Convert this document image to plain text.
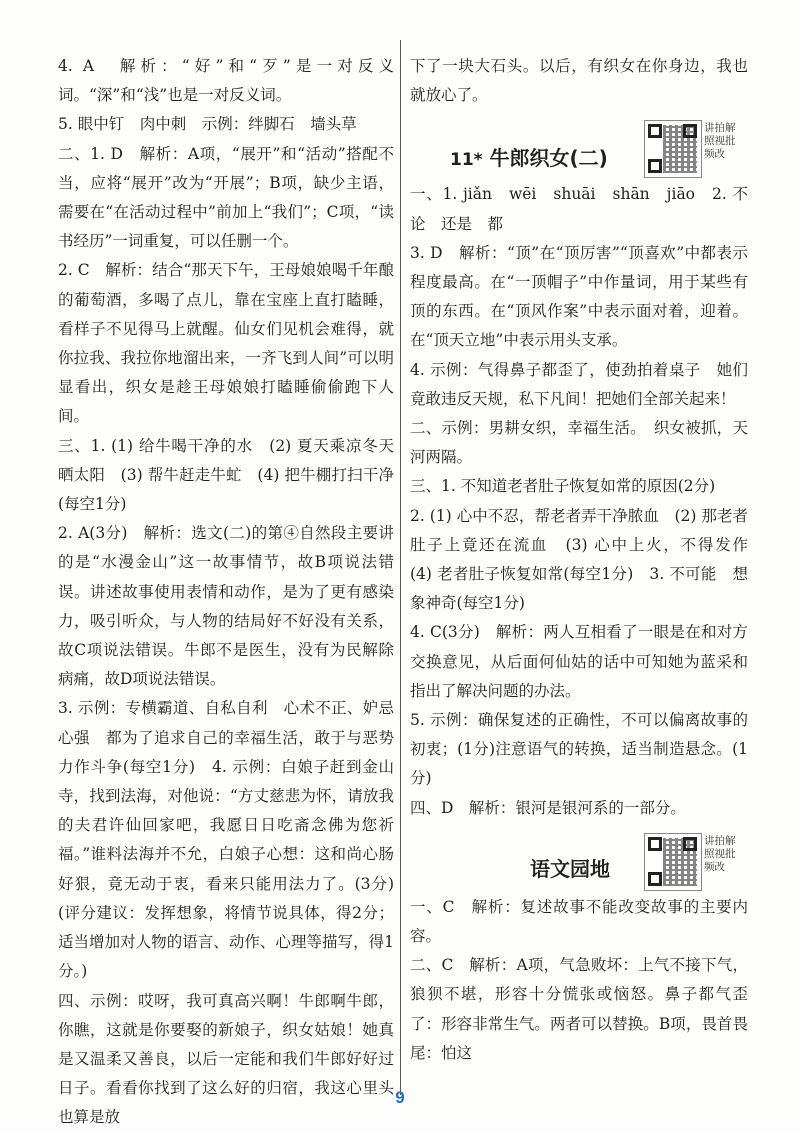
4. A　解析：“好”和“歹”是一对反义词。“深”和“浅”也是一对反义词。

5. 眼中钉　肉中刺　示例：绊脚石　墙头草

二、1. D　解析：A项，“展开”和“活动”搭配不当，应将“展开”改为“开展”；B项，缺少主语，需要在“在活动过程中”前加上“我们”；C项，“读书经历”一词重复，可以任删一个。

2. C　解析：结合“那天下午，王母娘娘喝千年酿的葡萄酒，多喝了点儿，靠在宝座上直打瞌睡，看样子不见得马上就醒。仙女们见机会难得，就你拉我、我拉你地溜出来，一齐飞到人间”可以明显看出，织女是趁王母娘娘打瞌睡偷偷跑下人间。

三、1. (1) 给牛喝干净的水　(2) 夏天乘凉冬天晒太阳　(3) 帮牛赶走牛虻　(4) 把牛棚打扫干净(每空1分)

2. A(3分)　解析：选文(二)的第④自然段主要讲的是“水漫金山”这一故事情节，故B项说法错误。讲述故事使用表情和动作，是为了更有感染力，吸引听众，与人物的结局好不好没有关系，故C项说法错误。牛郎不是医生，没有为民解除病痛，故D项说法错误。

3. 示例：专横霸道、自私自利　心术不正、妒忌心强　都为了追求自己的幸福生活，敢于与恶势力作斗争(每空1分)　4. 示例：白娘子赶到金山寺，找到法海，对他说：“方丈慈悲为怀，请放我的夫君许仙回家吧，我愿日日吃斋念佛为您祈福。”谁料法海并不允，白娘子心想：这和尚心肠好狠，竟无动于衷，看来只能用法力了。(3分)(评分建议：发挥想象，将情节说具体，得2分；适当增加对人物的语言、动作、心理等描写，得1分。)

四、示例：哎呀，我可真高兴啊！牛郎啊牛郎，你瞧，这就是你要娶的新娘子，织女姑娘！她真是又温柔又善良，以后一定能和我们牛郎好好过日子。看看你找到了这么好的归宿，我这心里头也算是放

下了一块大石头。以后，有织女在你身边，我也就放心了。

11* 牛郎织女(二)
讲拍解照视批频改

一、1. jiǎn　wēi　shuāi　shān　jiāo　2. 不论　还是　都

3. D　解析：“顶”在“顶厉害”“顶喜欢”中都表示程度最高。在“一顶帽子”中作量词，用于某些有顶的东西。在“顶风作案”中表示面对着，迎着。在“顶天立地”中表示用头支承。

4. 示例：气得鼻子都歪了，使劲拍着桌子　她们竟敢违反天规，私下凡间！把她们全部关起来！

二、示例：男耕女织，幸福生活。　织女被抓，天河两隔。

三、1. 不知道老者肚子恢复如常的原因(2分)

2. (1) 心中不忍，帮老者弄干净脓血　(2) 那老者肚子上竟还在流血　(3) 心中上火，不得发作　(4) 老者肚子恢复如常(每空1分)　3. 不可能　想象神奇(每空1分)

4. C(3分)　解析：两人互相看了一眼是在和对方交换意见，从后面何仙姑的话中可知她为蓝采和指出了解决问题的办法。

5. 示例：确保复述的正确性，不可以偏离故事的初衷；(1分)注意语气的转换，适当制造悬念。(1分)

四、D　解析：银河是银河系的一部分。

语文园地
讲拍解照视批频改

一、C　解析：复述故事不能改变故事的主要内容。

二、C　解析：A项，气急败坏：上气不接下气，狼狈不堪，形容十分慌张或恼怒。鼻子都气歪了：形容非常生气。两者可以替换。B项，畏首畏尾：怕这

9
